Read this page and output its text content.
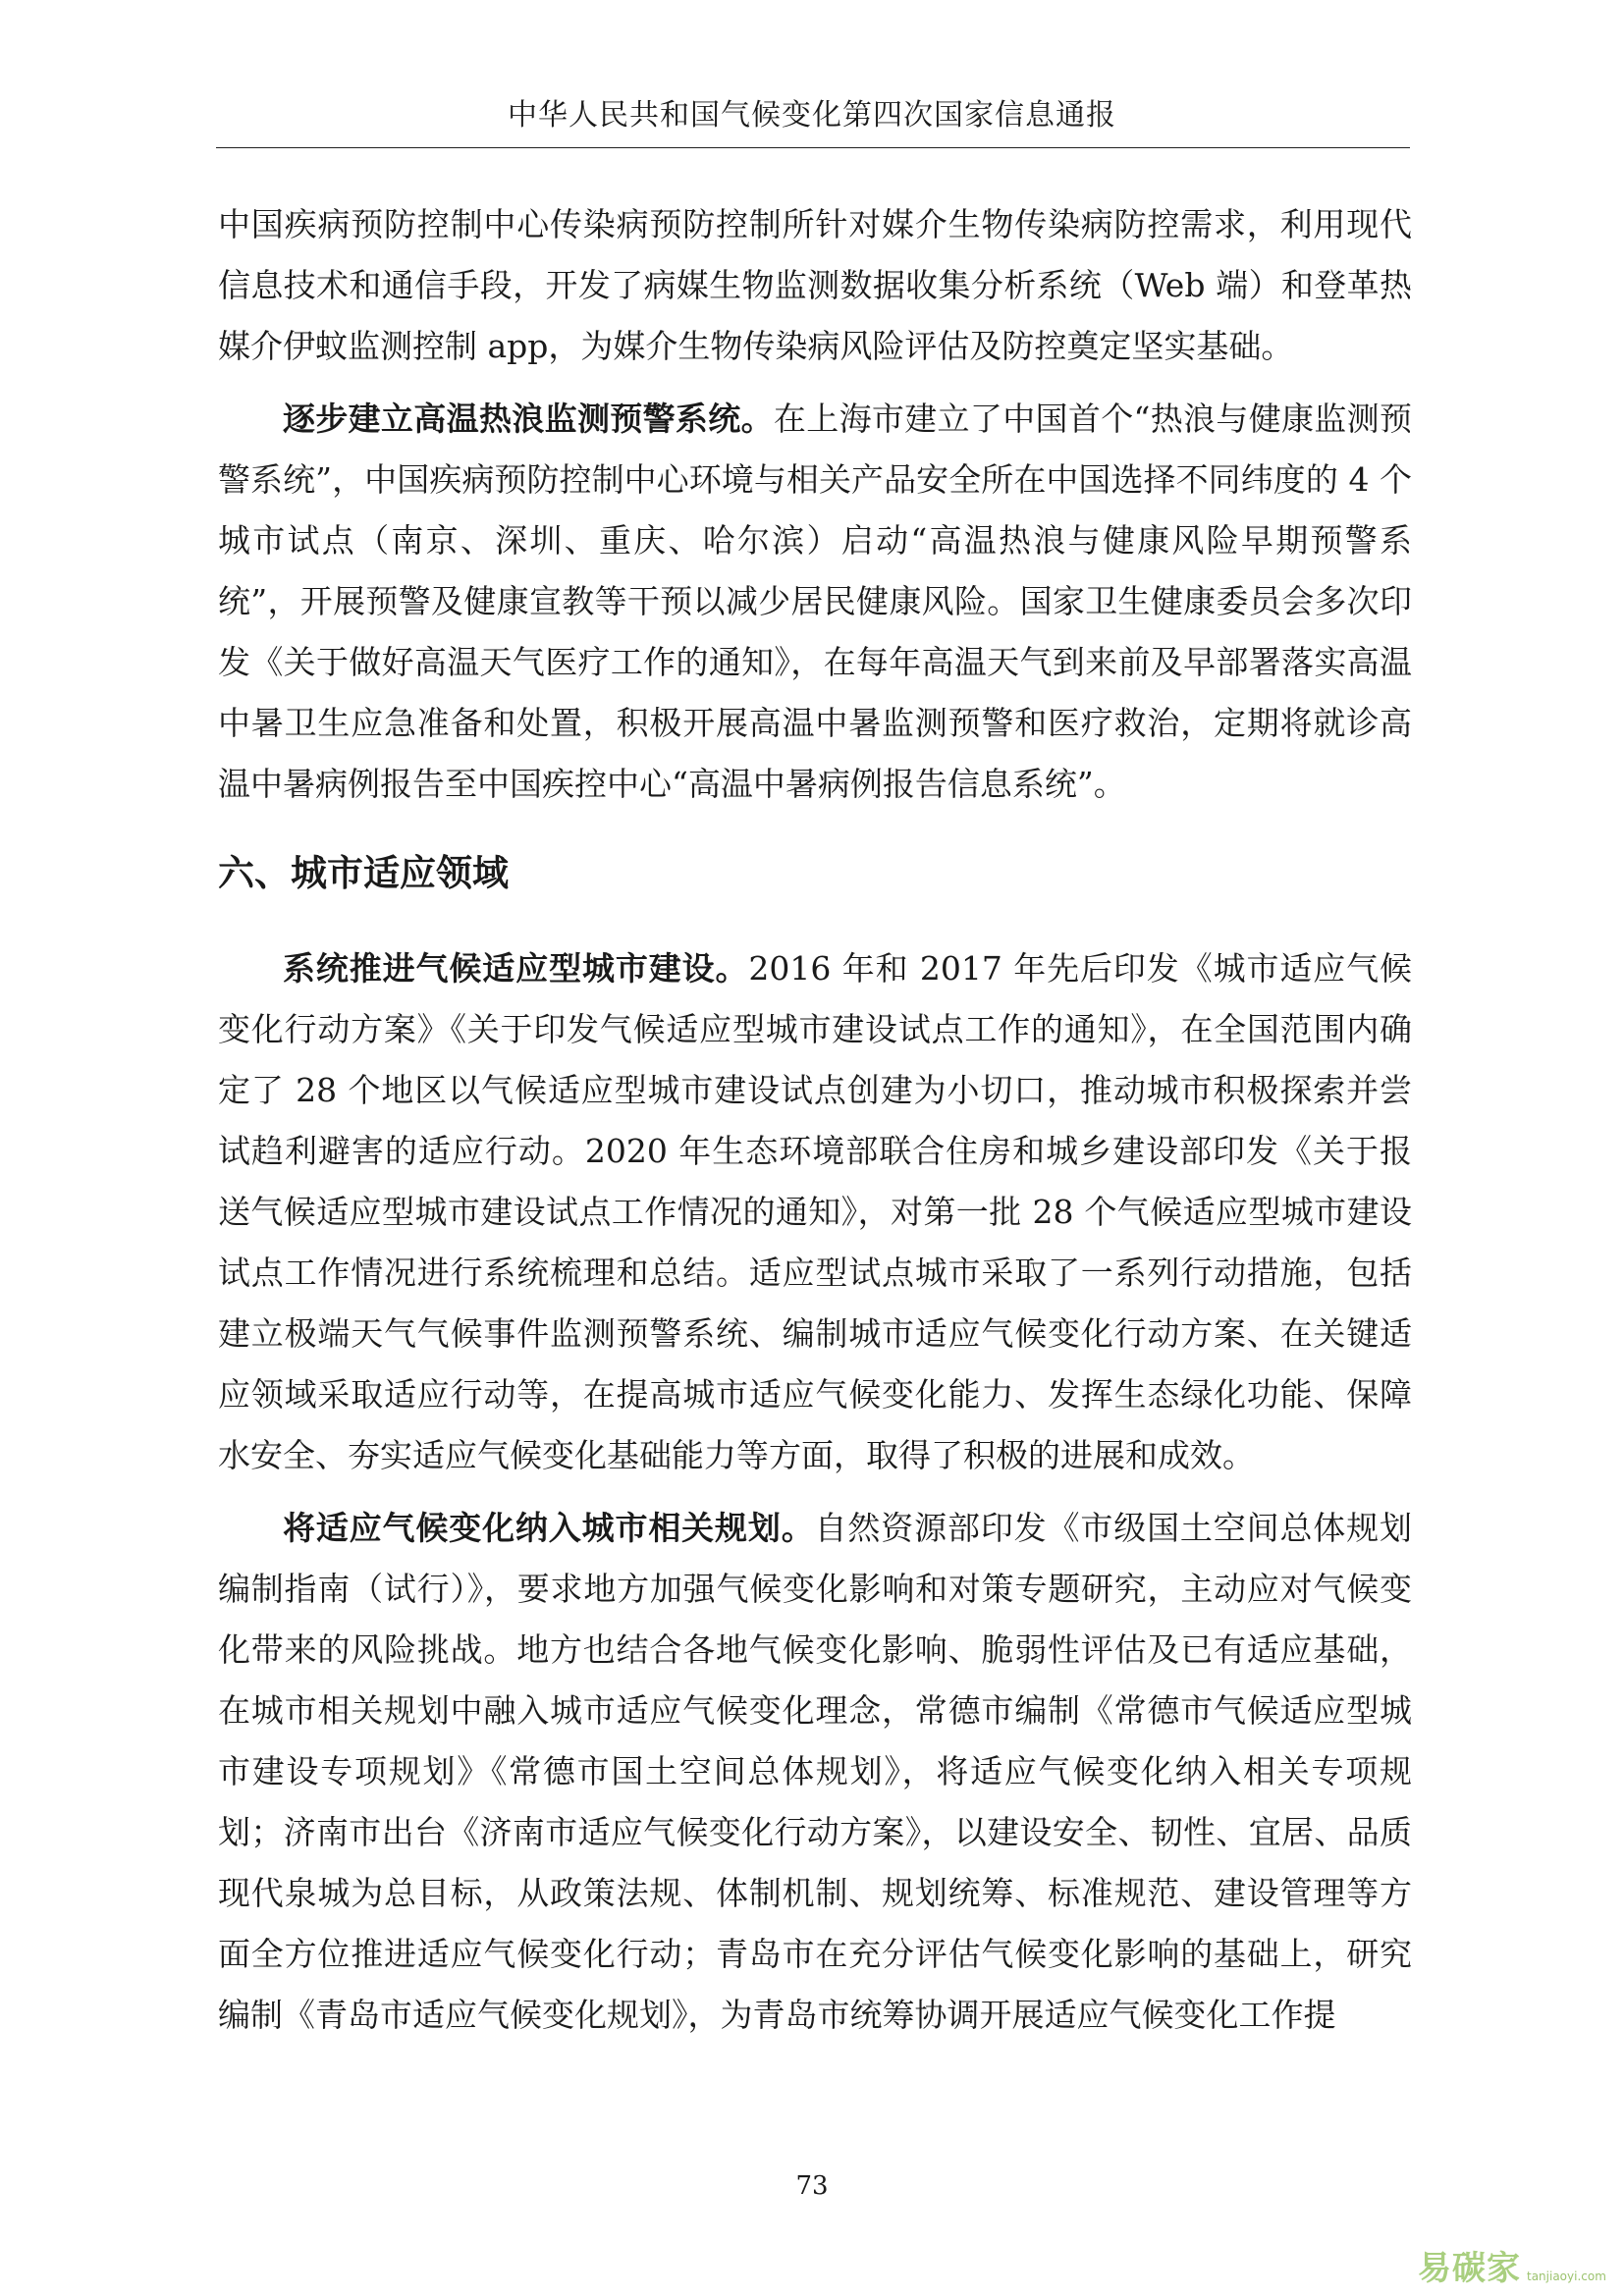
中华人民共和国气候变化第四次国家信息通报

中国疾病预防控制中心传染病预防控制所针对媒介生物传染病防控需求，利用现代信息技术和通信手段，开发了病媒生物监测数据收集分析系统（Web 端）和登革热媒介伊蚊监测控制 app，为媒介生物传染病风险评估及防控奠定坚实基础。

逐步建立高温热浪监测预警系统。在上海市建立了中国首个“热浪与健康监测预警系统”，中国疾病预防控制中心环境与相关产品安全所在中国选择不同纬度的 4 个城市试点（南京、深圳、重庆、哈尔滨）启动“高温热浪与健康风险早期预警系统”，开展预警及健康宣教等干预以减少居民健康风险。国家卫生健康委员会多次印发《关于做好高温天气医疗工作的通知》，在每年高温天气到来前及早部署落实高温中暑卫生应急准备和处置，积极开展高温中暑监测预警和医疗救治，定期将就诊高温中暑病例报告至中国疾控中心“高温中暑病例报告信息系统”。

六、城市适应领域

系统推进气候适应型城市建设。2016 年和 2017 年先后印发《城市适应气候变化行动方案》《关于印发气候适应型城市建设试点工作的通知》，在全国范围内确定了 28 个地区以气候适应型城市建设试点创建为小切口，推动城市积极探索并尝试趋利避害的适应行动。2020 年生态环境部联合住房和城乡建设部印发《关于报送气候适应型城市建设试点工作情况的通知》，对第一批 28 个气候适应型城市建设试点工作情况进行系统梳理和总结。适应型试点城市采取了一系列行动措施，包括建立极端天气气候事件监测预警系统、编制城市适应气候变化行动方案、在关键适应领域采取适应行动等，在提高城市适应气候变化能力、发挥生态绿化功能、保障水安全、夯实适应气候变化基础能力等方面，取得了积极的进展和成效。

将适应气候变化纳入城市相关规划。自然资源部印发《市级国土空间总体规划编制指南（试行）》，要求地方加强气候变化影响和对策专题研究，主动应对气候变化带来的风险挑战。地方也结合各地气候变化影响、脆弱性评估及已有适应基础，在城市相关规划中融入城市适应气候变化理念，常德市编制《常德市气候适应型城市建设专项规划》《常德市国土空间总体规划》，将适应气候变化纳入相关专项规划；济南市出台《济南市适应气候变化行动方案》，以建设安全、韧性、宜居、品质现代泉城为总目标，从政策法规、体制机制、规划统筹、标准规范、建设管理等方面全方位推进适应气候变化行动；青岛市在充分评估气候变化影响的基础上，研究编制《青岛市适应气候变化规划》，为青岛市统筹协调开展适应气候变化工作提

73
易碳家 tanjiaoyi.com
